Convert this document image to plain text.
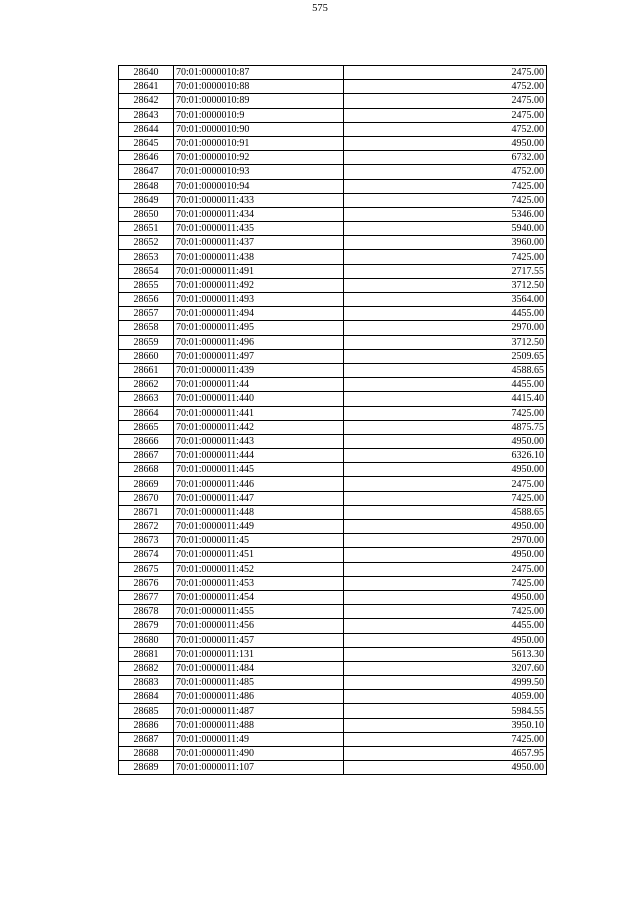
575
28640	70:01:0000010:87	2475.00
28641	70:01:0000010:88	4752.00
28642	70:01:0000010:89	2475.00
28643	70:01:0000010:9	2475.00
28644	70:01:0000010:90	4752.00
28645	70:01:0000010:91	4950.00
28646	70:01:0000010:92	6732.00
28647	70:01:0000010:93	4752.00
28648	70:01:0000010:94	7425.00
28649	70:01:0000011:433	7425.00
28650	70:01:0000011:434	5346.00
28651	70:01:0000011:435	5940.00
28652	70:01:0000011:437	3960.00
28653	70:01:0000011:438	7425.00
28654	70:01:0000011:491	2717.55
28655	70:01:0000011:492	3712.50
28656	70:01:0000011:493	3564.00
28657	70:01:0000011:494	4455.00
28658	70:01:0000011:495	2970.00
28659	70:01:0000011:496	3712.50
28660	70:01:0000011:497	2509.65
28661	70:01:0000011:439	4588.65
28662	70:01:0000011:44	4455.00
28663	70:01:0000011:440	4415.40
28664	70:01:0000011:441	7425.00
28665	70:01:0000011:442	4875.75
28666	70:01:0000011:443	4950.00
28667	70:01:0000011:444	6326.10
28668	70:01:0000011:445	4950.00
28669	70:01:0000011:446	2475.00
28670	70:01:0000011:447	7425.00
28671	70:01:0000011:448	4588.65
28672	70:01:0000011:449	4950.00
28673	70:01:0000011:45	2970.00
28674	70:01:0000011:451	4950.00
28675	70:01:0000011:452	2475.00
28676	70:01:0000011:453	7425.00
28677	70:01:0000011:454	4950.00
28678	70:01:0000011:455	7425.00
28679	70:01:0000011:456	4455.00
28680	70:01:0000011:457	4950.00
28681	70:01:0000011:131	5613.30
28682	70:01:0000011:484	3207.60
28683	70:01:0000011:485	4999.50
28684	70:01:0000011:486	4059.00
28685	70:01:0000011:487	5984.55
28686	70:01:0000011:488	3950.10
28687	70:01:0000011:49	7425.00
28688	70:01:0000011:490	4657.95
28689	70:01:0000011:107	4950.00
